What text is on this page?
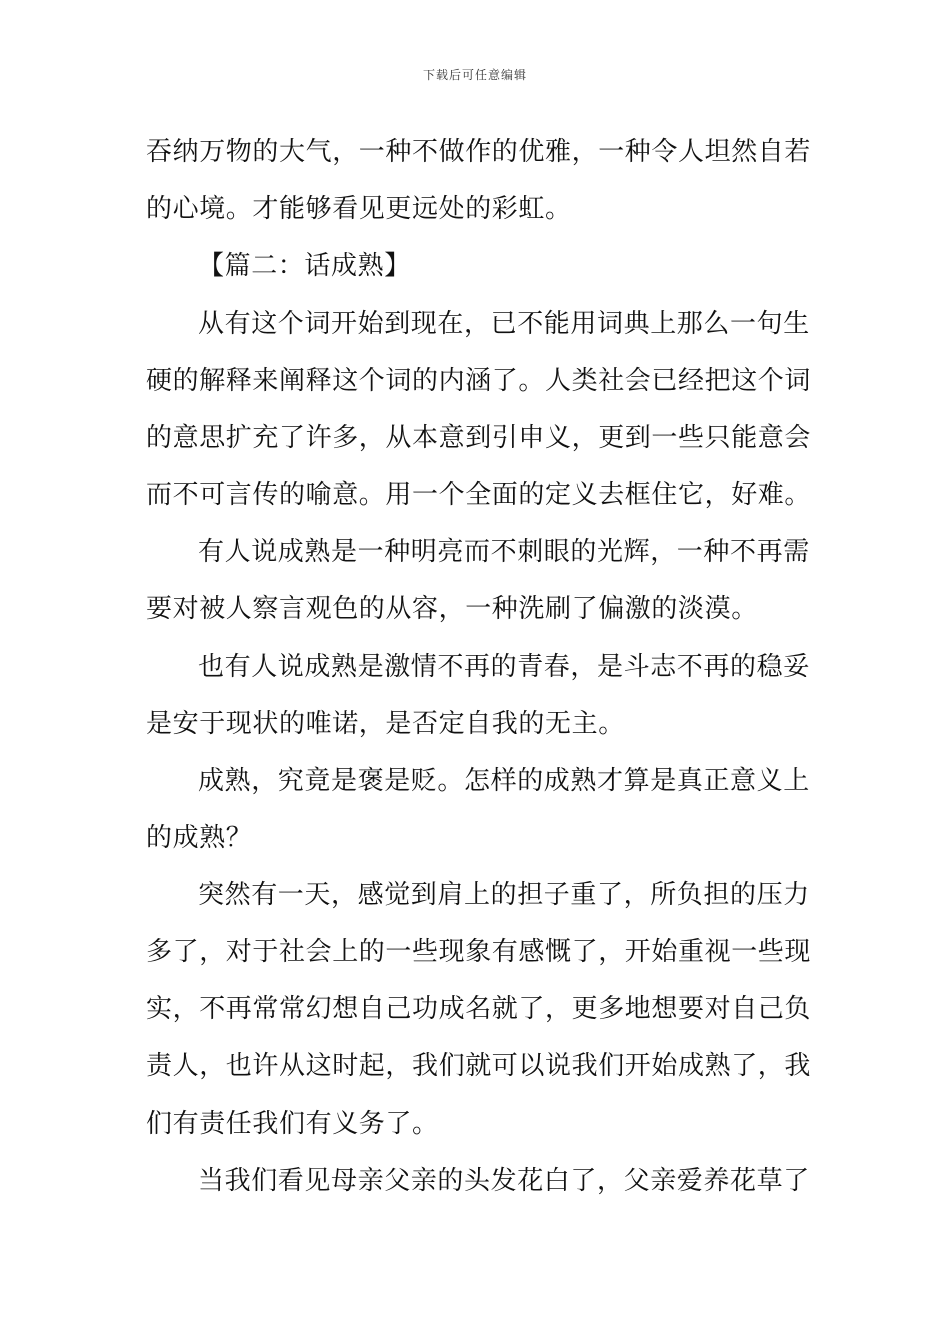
下载后可任意编辑
吞纳万物的大气，一种不做作的优雅，一种令人坦然自若
的心境。才能够看见更远处的彩虹。
【篇二：话成熟】
从有这个词开始到现在，已不能用词典上那么一句生
硬的解释来阐释这个词的内涵了。人类社会已经把这个词
的意思扩充了许多，从本意到引申义，更到一些只能意会
而不可言传的喻意。用一个全面的定义去框住它，好难。
有人说成熟是一种明亮而不刺眼的光辉，一种不再需
要对被人察言观色的从容，一种洗刷了偏激的淡漠。
也有人说成熟是激情不再的青春，是斗志不再的稳妥
是安于现状的唯诺，是否定自我的无主。
成熟，究竟是褒是贬。怎样的成熟才算是真正意义上
的成熟？
突然有一天，感觉到肩上的担子重了，所负担的压力
多了，对于社会上的一些现象有感慨了，开始重视一些现
实，不再常常幻想自己功成名就了，更多地想要对自己负
责人，也许从这时起，我们就可以说我们开始成熟了，我
们有责任我们有义务了。
当我们看见母亲父亲的头发花白了，父亲爱养花草了
